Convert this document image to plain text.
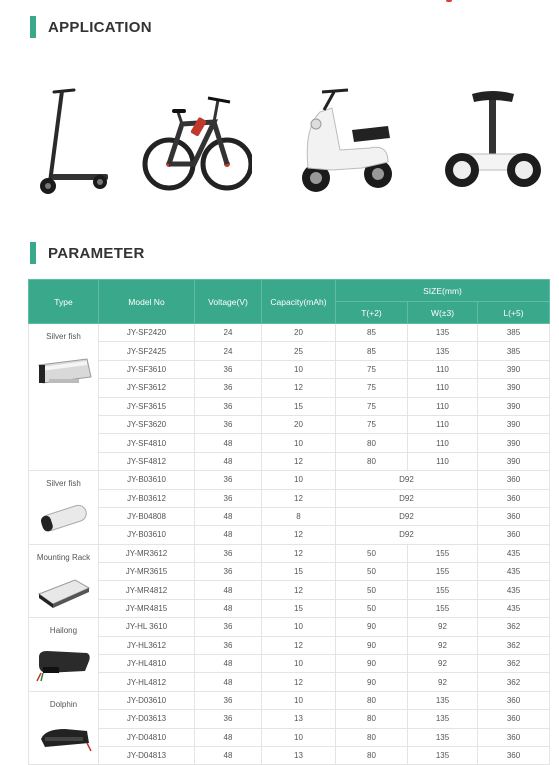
APPLICATION
PARAMETER
Type	Model No	Voltage(V)	Capacity(mAh)	SIZE(mm)		
				T(+2)	W(±3)	L(+5)

Silver fish	JY-SF2420	24	20	85	135	385
	JY-SF2425	24	25	85	135	385
	JY-SF3610	36	10	75	110	390
	JY-SF3612	36	12	75	110	390
	JY-SF3615	36	15	75	110	390
	JY-SF3620	36	20	75	110	390
	JY-SF4810	48	10	80	110	390
	JY-SF4812	48	12	80	110	390

Silver fish	JY-B03610	36	10	D92		360
	JY-B03612	36	12	D92		360
	JY-B04808	48	8	D92		360
	JY-B03610	48	12	D92		360

Mounting Rack	JY-MR3612	36	12	50	155	435
	JY-MR3615	36	15	50	155	435
	JY-MR4812	48	12	50	155	435
	JY-MR4815	48	15	50	155	435

Hailong	JY-HL 3610	36	10	90	92	362
	JY-HL3612	36	12	90	92	362
	JY-HL4810	48	10	90	92	362
	JY-HL4812	48	12	90	92	362

Dolphin	JY-D03610	36	10	80	135	360
	JY-D03613	36	13	80	135	360
	JY-D04810	48	10	80	135	360
	JY-D04813	48	13	80	135	360
